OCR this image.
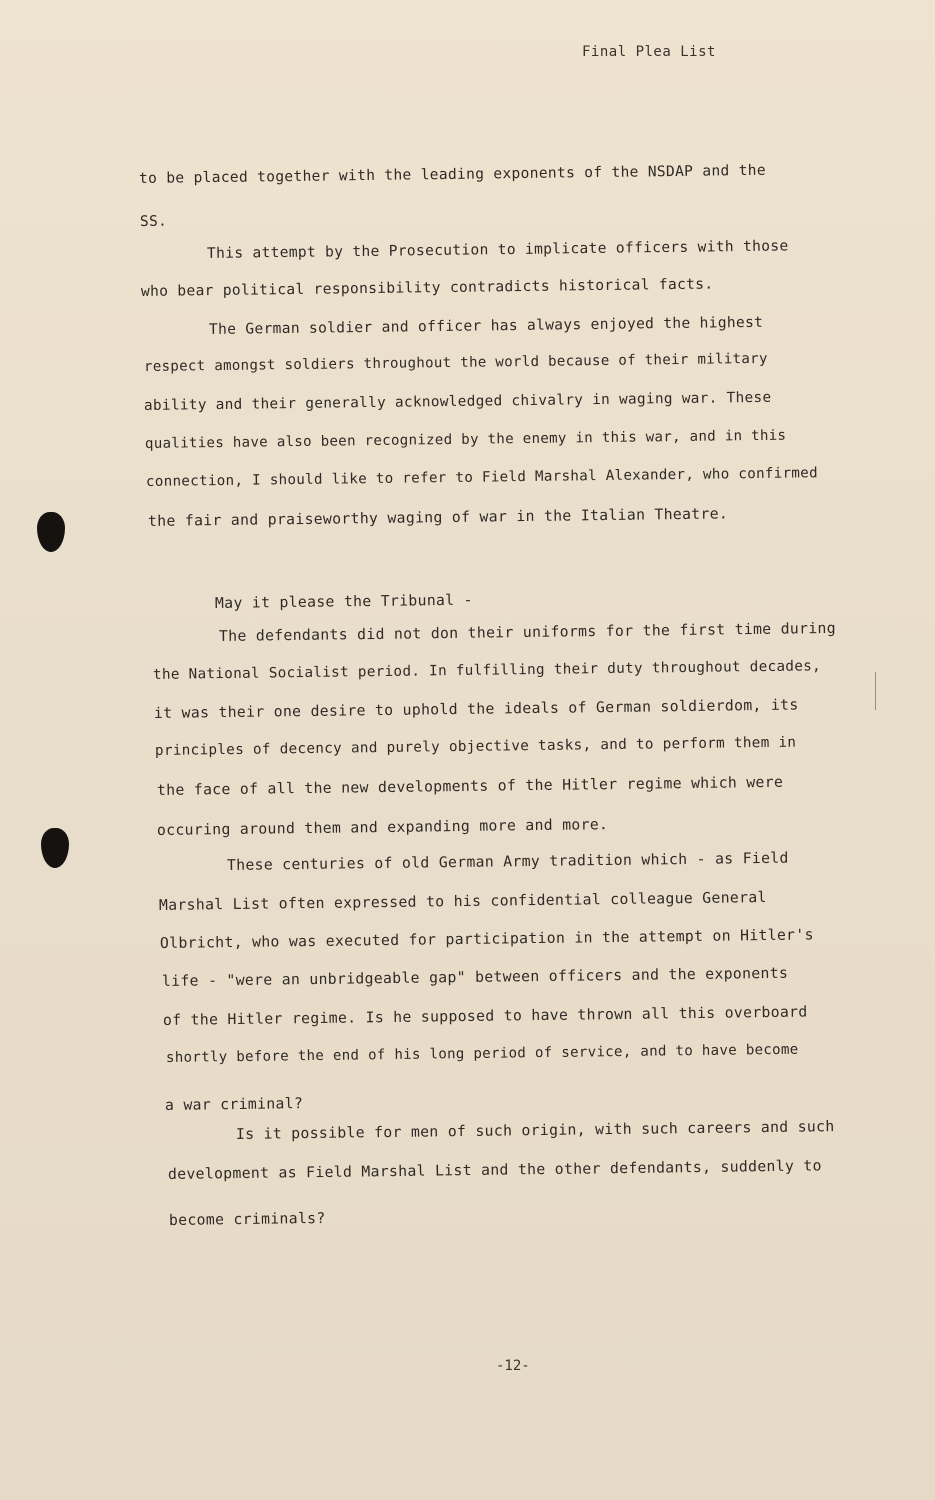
Final Plea List
to be placed together with the leading exponents of the NSDAP and the
SS.
This attempt by the Prosecution to implicate officers with those
who bear political responsibility contradicts historical facts.
The German soldier and officer has always enjoyed the highest
respect amongst soldiers throughout the world because of their military
ability and their generally acknowledged chivalry in waging war. These
qualities have also been recognized by the enemy in this war, and in this
connection, I should like to refer to Field Marshal Alexander, who confirmed
the fair and praiseworthy waging of war in the Italian Theatre.
May it please the Tribunal -
The defendants did not don their uniforms for the first time during
the National Socialist period. In fulfilling their duty throughout decades,
it was their one desire to uphold the ideals of German soldierdom, its
principles of decency and purely objective tasks, and to perform them in
the face of all the new developments of the Hitler regime which were
occuring around them and expanding more and more.
These centuries of old German Army tradition which - as Field
Marshal List often expressed to his confidential colleague General
Olbricht, who was executed for participation in the attempt on Hitler's
life - "were an unbridgeable gap" between officers and the exponents
of the Hitler regime. Is he supposed to have thrown all this overboard
shortly before the end of his long period of service, and to have become
a war criminal?
Is it possible for men of such origin, with such careers and such
development as Field Marshal List and the other defendants, suddenly to
become criminals?
-12-
